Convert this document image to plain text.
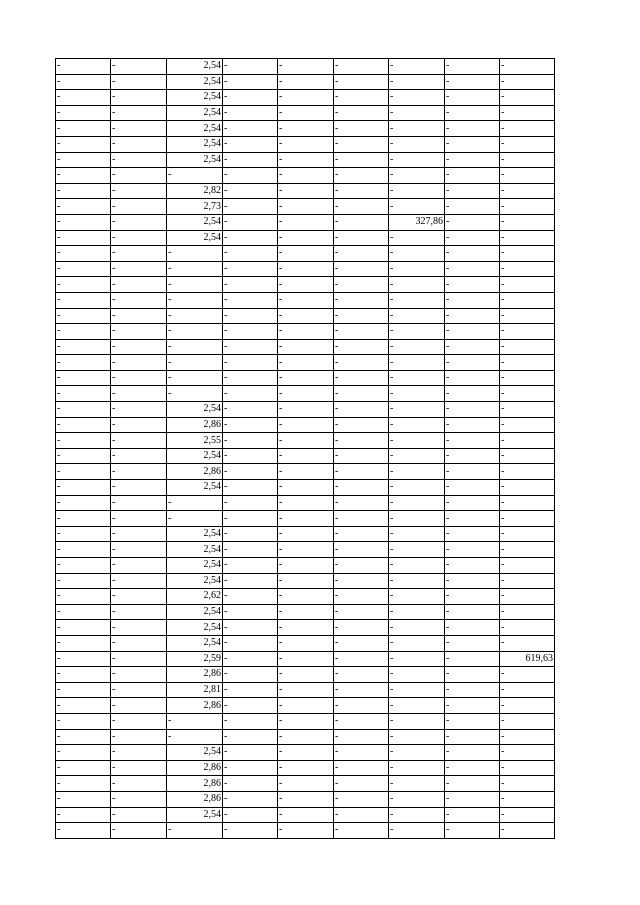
-	-	2,54	-	-	-	-	-	-
-	-	2,54	-	-	-	-	-	-
-	-	2,54	-	-	-	-	-	-
-	-	2,54	-	-	-	-	-	-
-	-	2,54	-	-	-	-	-	-
-	-	2,54	-	-	-	-	-	-
-	-	2,54	-	-	-	-	-	-
-	-	-	-	-	-	-	-	-
-	-	2,82	-	-	-	-	-	-
-	-	2,73	-	-	-	-	-	-
-	-	2,54	-	-	-	327,86	-	-
-	-	2,54	-	-	-	-	-	-
-	-	-	-	-	-	-	-	-
-	-	-	-	-	-	-	-	-
-	-	-	-	-	-	-	-	-
-	-	-	-	-	-	-	-	-
-	-	-	-	-	-	-	-	-
-	-	-	-	-	-	-	-	-
-	-	-	-	-	-	-	-	-
-	-	-	-	-	-	-	-	-
-	-	-	-	-	-	-	-	-
-	-	-	-	-	-	-	-	-
-	-	2,54	-	-	-	-	-	-
-	-	2,86	-	-	-	-	-	-
-	-	2,55	-	-	-	-	-	-
-	-	2,54	-	-	-	-	-	-
-	-	2,86	-	-	-	-	-	-
-	-	2,54	-	-	-	-	-	-
-	-	-	-	-	-	-	-	-
-	-	-	-	-	-	-	-	-
-	-	2,54	-	-	-	-	-	-
-	-	2,54	-	-	-	-	-	-
-	-	2,54	-	-	-	-	-	-
-	-	2,54	-	-	-	-	-	-
-	-	2,62	-	-	-	-	-	-
-	-	2,54	-	-	-	-	-	-
-	-	2,54	-	-	-	-	-	-
-	-	2,54	-	-	-	-	-	-
-	-	2,59	-	-	-	-	-	619,63
-	-	2,86	-	-	-	-	-	-
-	-	2,81	-	-	-	-	-	-
-	-	2,86	-	-	-	-	-	-
-	-	-	-	-	-	-	-	-
-	-	-	-	-	-	-	-	-
-	-	2,54	-	-	-	-	-	-
-	-	2,86	-	-	-	-	-	-
-	-	2,86	-	-	-	-	-	-
-	-	2,86	-	-	-	-	-	-
-	-	2,54	-	-	-	-	-	-
-	-	-	-	-	-	-	-	-
